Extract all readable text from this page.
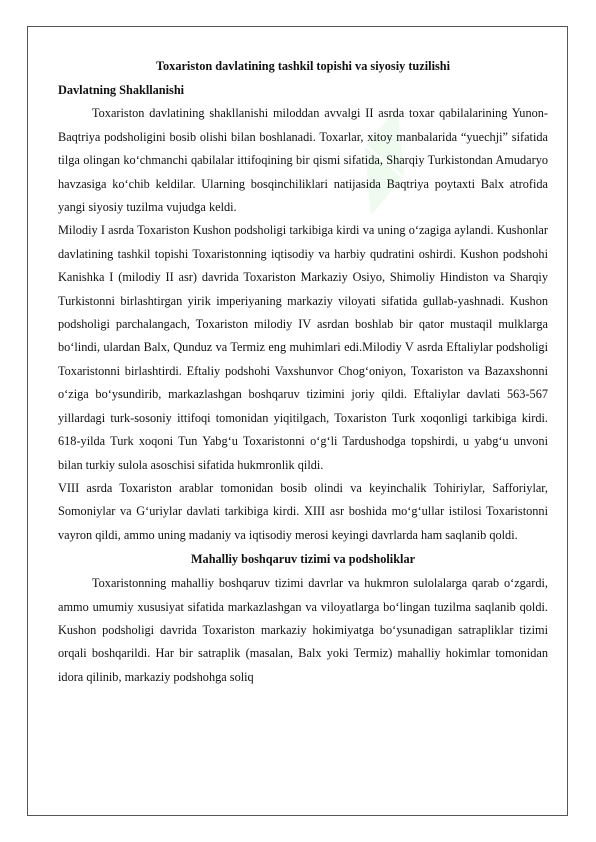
◢◤

Toxariston davlatining tashkil topishi va siyosiy tuzilishi

Davlatning Shakllanishi

Toxariston davlatining shakllanishi miloddan avvalgi II asrda toxar qabilalarining Yunon-Baqtriya podsholigini bosib olishi bilan boshlanadi. Toxarlar, xitoy manbalarida “yuechji” sifatida tilga olingan ko‘chmanchi qabilalar ittifoqining bir qismi sifatida, Sharqiy Turkistondan Amudaryo havzasiga ko‘chib keldilar. Ularning bosqinchiliklari natijasida Baqtriya poytaxti Balx atrofida yangi siyosiy tuzilma vujudga keldi.

Milodiy I asrda Toxariston Kushon podsholigi tarkibiga kirdi va uning o‘zagiga aylandi. Kushonlar davlatining tashkil topishi Toxaristonning iqtisodiy va harbiy qudratini oshirdi. Kushon podshohi Kanishka I (milodiy II asr) davrida Toxariston Markaziy Osiyo, Shimoliy Hindiston va Sharqiy Turkistonni birlashtirgan yirik imperiyaning markaziy viloyati sifatida gullab-yashnadi. Kushon podsholigi parchalangach, Toxariston milodiy IV asrdan boshlab bir qator mustaqil mulklarga bo‘lindi, ulardan Balx, Qunduz va Termiz eng muhimlari edi.Milodiy V asrda Eftaliylar podsholigi Toxaristonni birlashtirdi. Eftaliy podshohi Vaxshunvor Chog‘oniyon, Toxariston va Bazaxshonni o‘ziga bo‘ysundirib, markazlashgan boshqaruv tizimini joriy qildi. Eftaliylar davlati 563-567 yillardagi turk-sosoniy ittifoqi tomonidan yiqitilgach, Toxariston Turk xoqonligi tarkibiga kirdi. 618-yilda Turk xoqoni Tun Yabg‘u Toxaristonni o‘g‘li Tardushodga topshirdi, u yabg‘u unvoni bilan turkiy sulola asoschisi sifatida hukmronlik qildi.

VIII asrda Toxariston arablar tomonidan bosib olindi va keyinchalik Tohiriylar, Safforiylar, Somoniylar va G‘uriylar davlati tarkibiga kirdi. XIII asr boshida mo‘g‘ullar istilosi Toxaristonni vayron qildi, ammo uning madaniy va iqtisodiy merosi keyingi davrlarda ham saqlanib qoldi.

Mahalliy boshqaruv tizimi va podsholiklar

Toxaristonning mahalliy boshqaruv tizimi davrlar va hukmron sulolalarga qarab o‘zgardi, ammo umumiy xususiyat sifatida markazlashgan va viloyatlarga bo‘lingan tuzilma saqlanib qoldi. Kushon podsholigi davrida Toxariston markaziy hokimiyatga bo‘ysunadigan satrapliklar tizimi orqali boshqarildi. Har bir satraplik (masalan, Balx yoki Termiz) mahalliy hokimlar tomonidan idora qilinib, markaziy podshohga soliq
